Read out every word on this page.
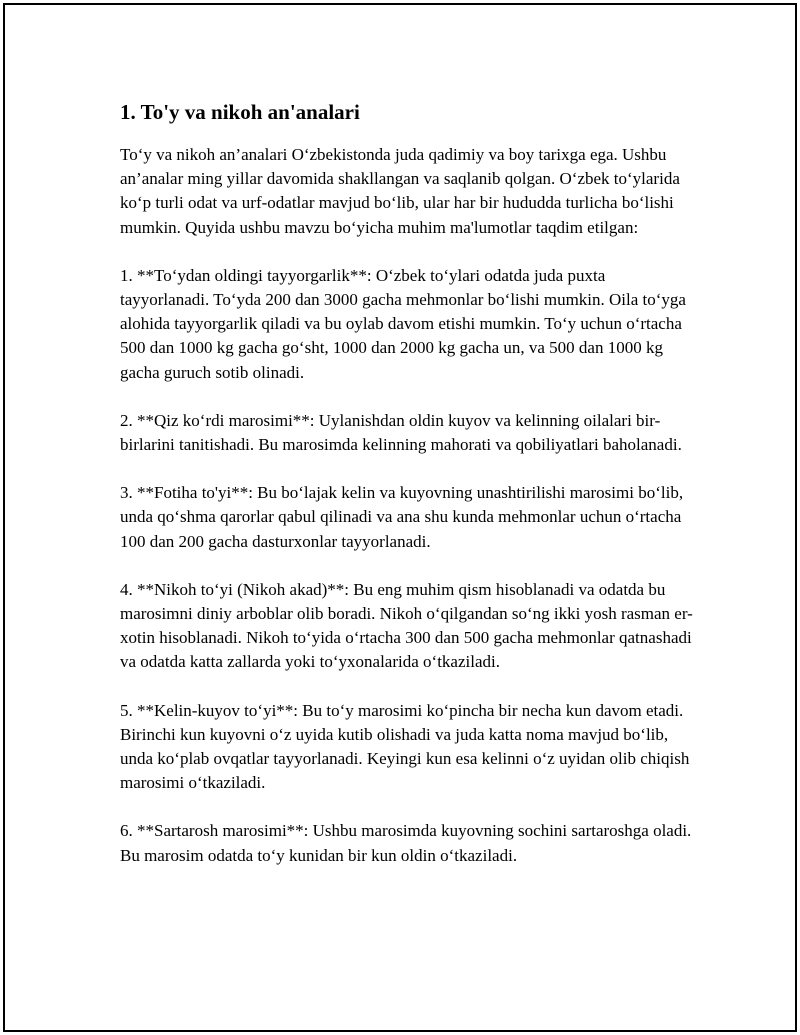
1. To'y va nikoh an'analari

To‘y va nikoh an’analari O‘zbekistonda juda qadimiy va boy tarixga ega. Ushbu an’analar ming yillar davomida shakllangan va saqlanib qolgan. O‘zbek to‘ylarida ko‘p turli odat va urf-odatlar mavjud bo‘lib, ular har bir hududda turlicha bo‘lishi mumkin. Quyida ushbu mavzu bo‘yicha muhim ma'lumotlar taqdim etilgan:

1. **To‘ydan oldingi tayyorgarlik**: O‘zbek to‘ylari odatda juda puxta tayyorlanadi. To‘yda 200 dan 3000 gacha mehmonlar bo‘lishi mumkin. Oila to‘yga alohida tayyorgarlik qiladi va bu oylab davom etishi mumkin. To‘y uchun o‘rtacha 500 dan 1000 kg gacha go‘sht, 1000 dan 2000 kg gacha un, va 500 dan 1000 kg gacha guruch sotib olinadi.

2. **Qiz ko‘rdi marosimi**: Uylanishdan oldin kuyov va kelinning oilalari bir-birlarini tanitishadi. Bu marosimda kelinning mahorati va qobiliyatlari baholanadi.

3. **Fotiha to'yi**: Bu bo‘lajak kelin va kuyovning unashtirilishi marosimi bo‘lib, unda qo‘shma qarorlar qabul qilinadi va ana shu kunda mehmonlar uchun o‘rtacha 100 dan 200 gacha dasturxonlar tayyorlanadi.

4. **Nikoh to‘yi (Nikoh akad)**: Bu eng muhim qism hisoblanadi va odatda bu marosimni diniy arboblar olib boradi. Nikoh o‘qilgandan so‘ng ikki yosh rasman er-xotin hisoblanadi. Nikoh to‘yida o‘rtacha 300 dan 500 gacha mehmonlar qatnashadi va odatda katta zallarda yoki to‘yxonalarida o‘tkaziladi.

5. **Kelin-kuyov to‘yi**: Bu to‘y marosimi ko‘pincha bir necha kun davom etadi. Birinchi kun kuyovni o‘z uyida kutib olishadi va juda katta noma mavjud bo‘lib, unda ko‘plab ovqatlar tayyorlanadi. Keyingi kun esa kelinni o‘z uyidan olib chiqish marosimi o‘tkaziladi.

6. **Sartarosh marosimi**: Ushbu marosimda kuyovning sochini sartaroshga oladi. Bu marosim odatda to‘y kunidan bir kun oldin o‘tkaziladi.
